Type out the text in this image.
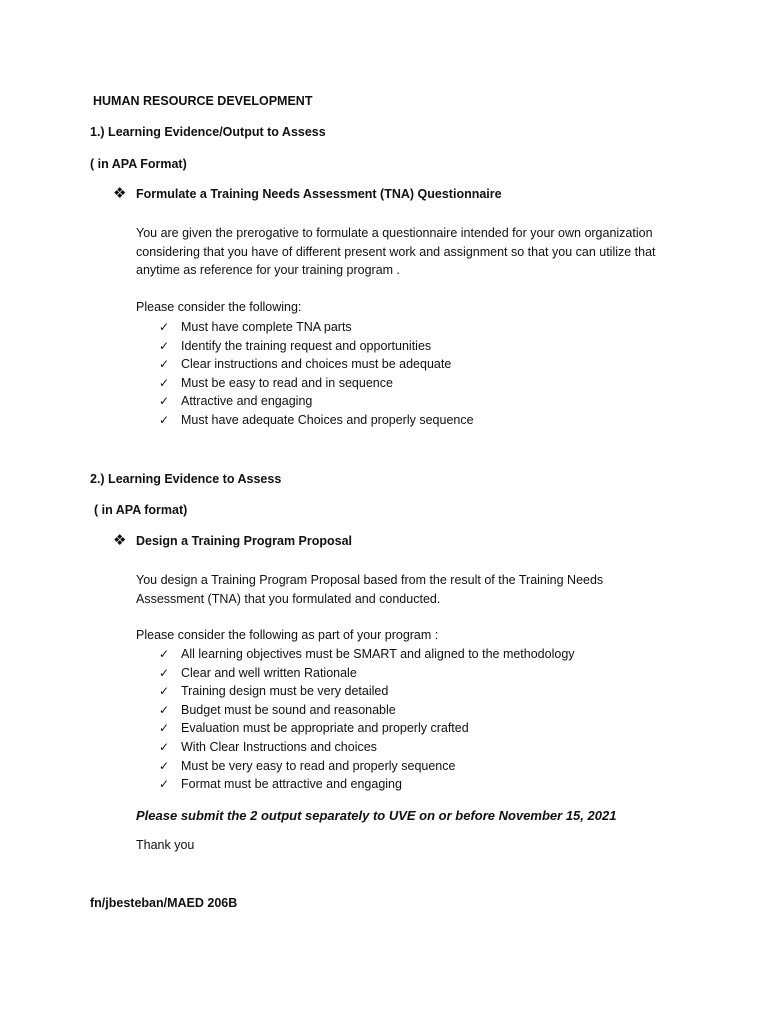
HUMAN RESOURCE DEVELOPMENT
1.) Learning Evidence/Output to Assess
( in APA Format)
❖ Formulate a Training Needs Assessment (TNA) Questionnaire
You are given the prerogative to formulate a questionnaire intended for your own organization
considering that you have of different present work and assignment so that you can utilize that
anytime as reference for your training program .
Please consider the following:
✓ Must have complete TNA parts
✓ Identify the training request and opportunities
✓ Clear instructions and choices must be adequate
✓ Must be easy to read and in sequence
✓ Attractive and engaging
✓ Must have adequate Choices and properly sequence
2.) Learning Evidence to Assess
( in APA format)
❖ Design a Training Program Proposal
You design a Training Program Proposal based from the result of the Training Needs
Assessment (TNA) that you formulated and conducted.
Please consider the following as part of your program :
✓ All learning objectives must be SMART and aligned to the methodology
✓ Clear and well written Rationale
✓ Training design must be very detailed
✓ Budget must be sound and reasonable
✓ Evaluation must be appropriate and properly crafted
✓ With Clear Instructions and choices
✓ Must be very easy to read and properly sequence
✓ Format must be attractive and engaging
Please submit the 2 output separately to UVE on or before November 15, 2021
Thank you
fn/jbesteban/MAED 206B
